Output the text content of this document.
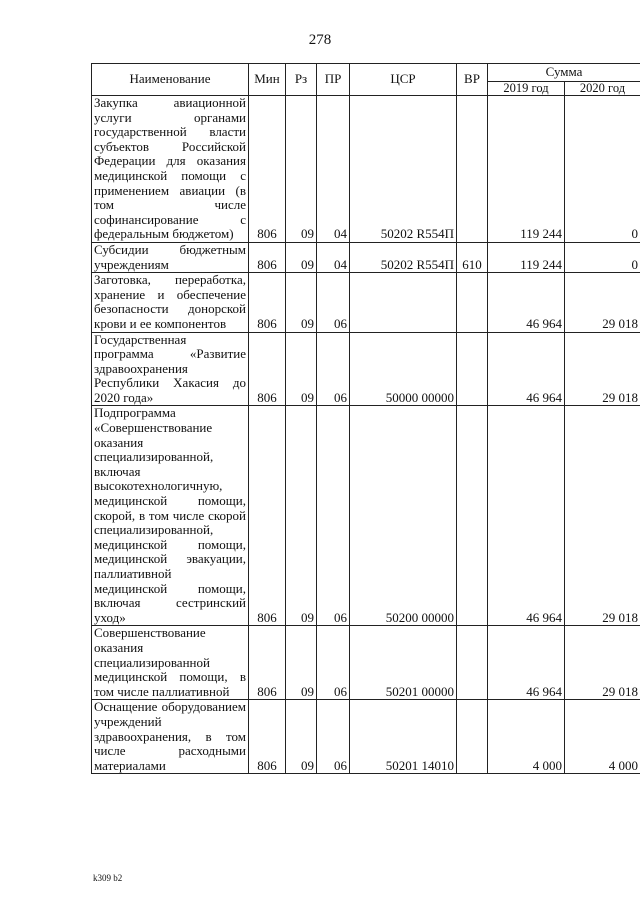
278
Наименование	Мин	Рз	ПР	ЦСР	ВР	Сумма	
						2019 год	2020 год
Закупка авиационной услуги органами государственной власти субъектов Российской Федерации для оказания медицинской помощи с применением авиации (в том числе софинансирование с федеральным бюджетом)	806	09	04	50202 R554П		119 244	0
Субсидии бюджетным учреждениям	806	09	04	50202 R554П	610	119 244	0
Заготовка, переработка, хранение и обеспечение безопасности донорской крови и ее компонентов	806	09	06			46 964	29 018
Государственная программа «Развитие здравоохранения Республики Хакасия до 2020 года»	806	09	06	50000 00000		46 964	29 018
Подпрограмма «Совершенствование оказания специализированной, включая высокотехнологичную, медицинской помощи, скорой, в том числе скорой специализированной, медицинской помощи, медицинской эвакуации, паллиативной медицинской помощи, включая сестринский уход»	806	09	06	50200 00000		46 964	29 018
Совершенствование оказания специализированной медицинской помощи, в том числе паллиативной	806	09	06	50201 00000		46 964	29 018
Оснащение оборудованием учреждений здравоохранения, в том числе расходными материалами	806	09	06	50201 14010		4 000	4 000
k309 b2
